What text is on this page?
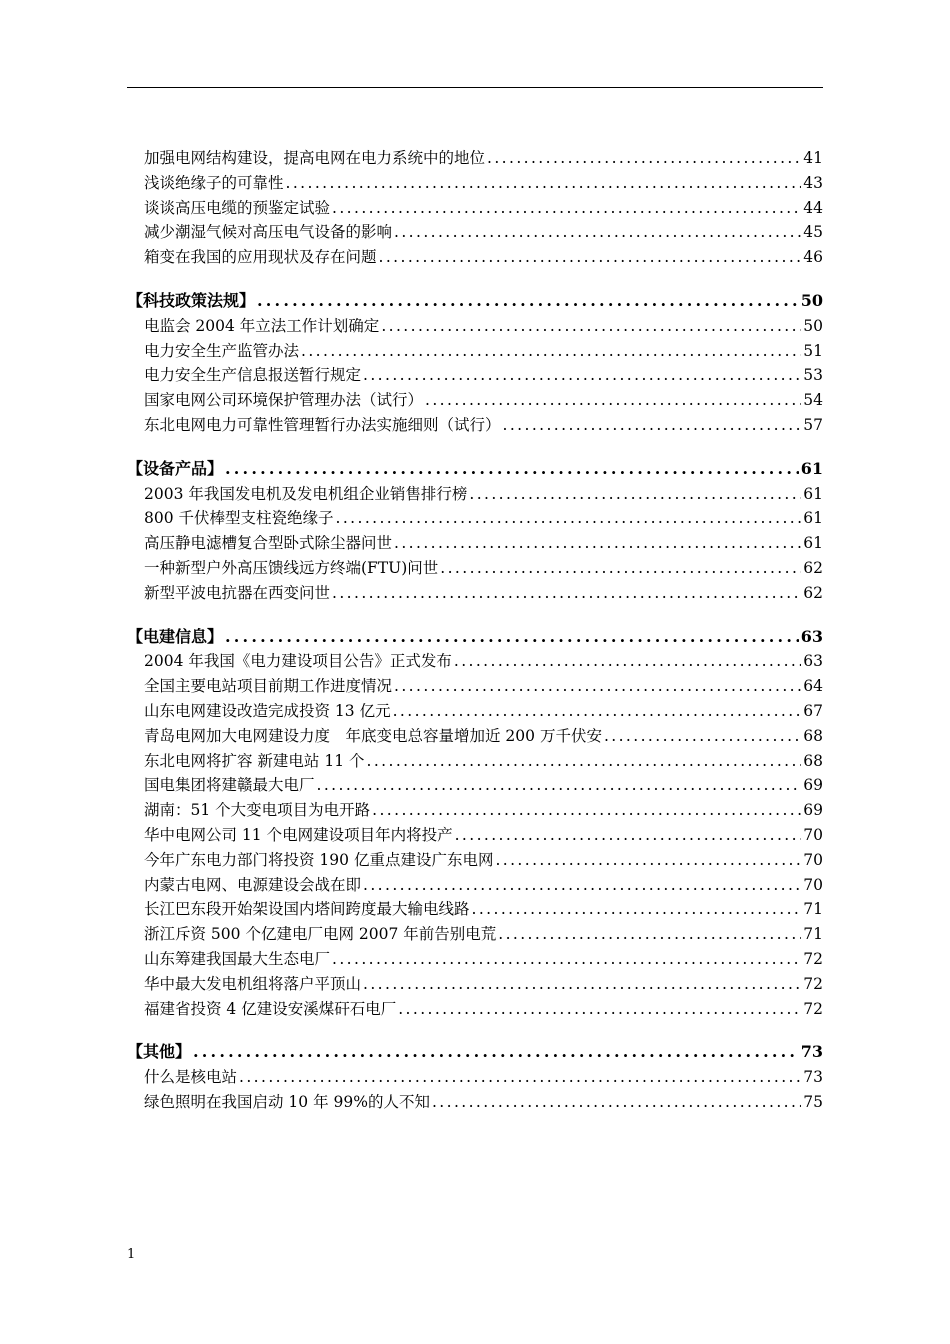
加强电网结构建设，提高电网在电力系统中的地位 .....	41
浅谈绝缘子的可靠性 .....	43
谈谈高压电缆的预鉴定试验 .....	44
减少潮湿气候对高压电气设备的影响 .....	45
箱变在我国的应用现状及存在问题 .....	46
【科技政策法规】 .....	50
电监会 2004 年立法工作计划确定 .....	50
电力安全生产监管办法 .....	51
电力安全生产信息报送暂行规定 .....	53
国家电网公司环境保护管理办法（试行） .....	54
东北电网电力可靠性管理暂行办法实施细则（试行） .....	57
【设备产品】 .....	61
2003 年我国发电机及发电机组企业销售排行榜 .....	61
800 千伏棒型支柱瓷绝缘子 .....	61
高压静电滤槽复合型卧式除尘器问世 .....	61
一种新型户外高压馈线远方终端(FTU)问世 .....	62
新型平波电抗器在西变问世 .....	62
【电建信息】 .....	63
2004 年我国《电力建设项目公告》正式发布 .....	63
全国主要电站项目前期工作进度情况 .....	64
山东电网建设改造完成投资 13 亿元 .....	67
青岛电网加大电网建设力度　年底变电总容量增加近 200 万千伏安 .....	68
东北电网将扩容 新建电站 11 个 .....	68
国电集团将建赣最大电厂 .....	69
湖南：51 个大变电项目为电开路 .....	69
华中电网公司 11 个电网建设项目年内将投产 .....	70
今年广东电力部门将投资 190 亿重点建设广东电网 .....	70
内蒙古电网、电源建设会战在即 .....	70
长江巴东段开始架设国内塔间跨度最大输电线路 .....	71
浙江斥资 500 个亿建电厂电网 2007 年前告别电荒 .....	71
山东筹建我国最大生态电厂 .....	72
华中最大发电机组将落户平顶山 .....	72
福建省投资 4 亿建设安溪煤矸石电厂 .....	72
【其他】 .....	73
什么是核电站 .....	73
绿色照明在我国启动 10 年 99%的人不知 .....	75
1
